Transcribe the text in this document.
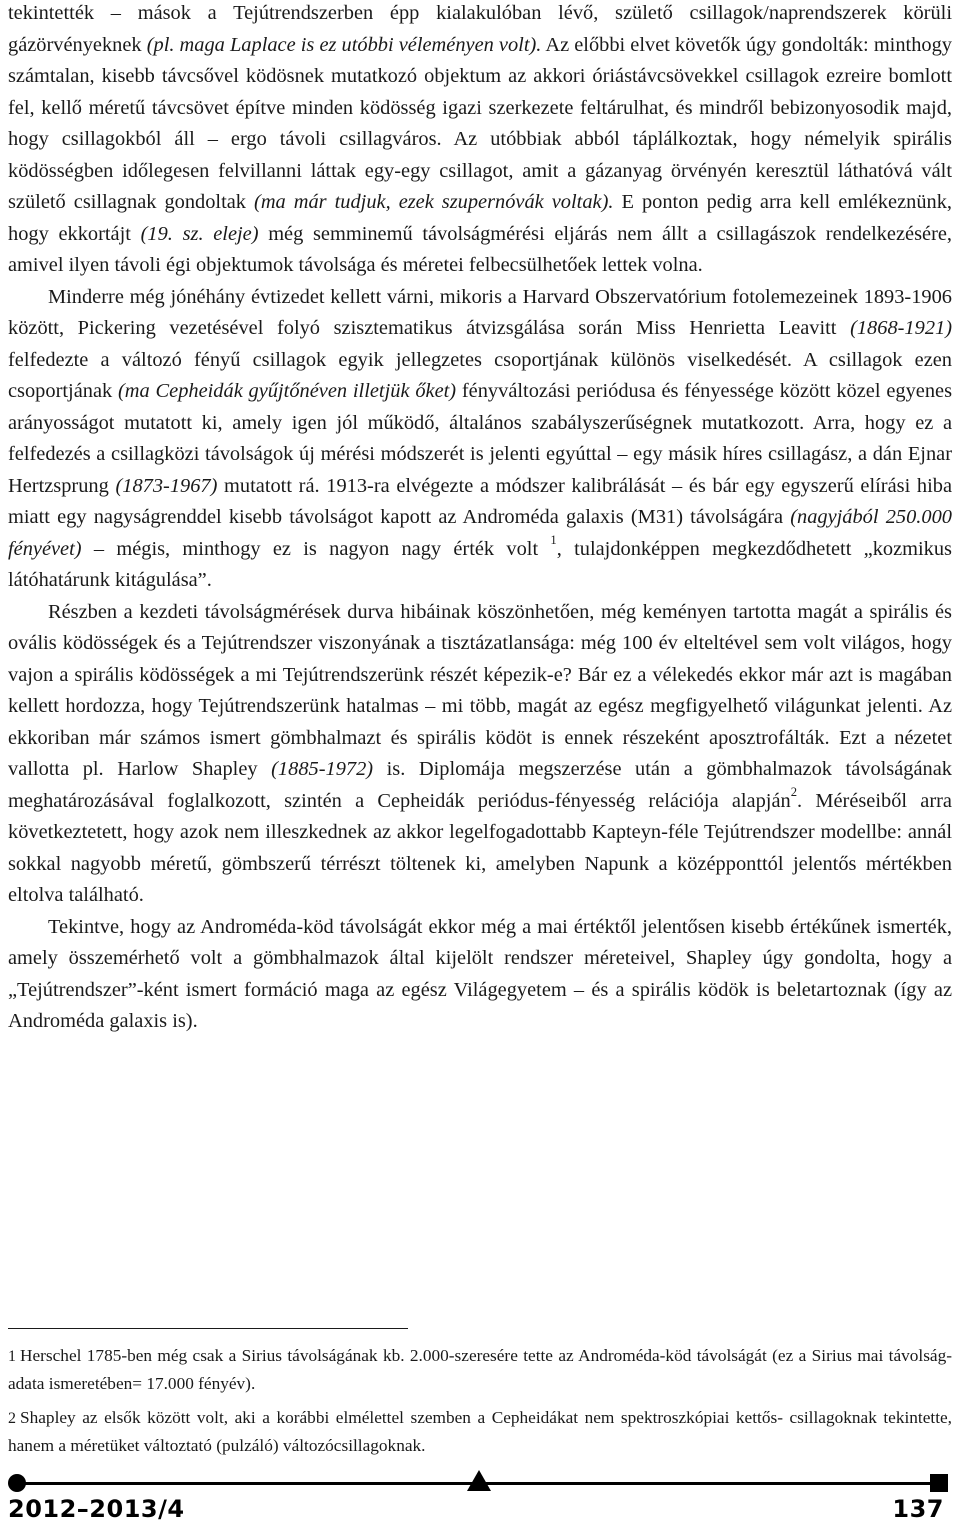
tekintették – mások a Tejútrendszerben épp kialakulóban lévő, születő csillagok/naprendszerek körüli gázörvényeknek (pl. maga Laplace is ez utóbbi véleményen volt). Az előbbi elvet követők úgy gondolták: minthogy számtalan, kisebb távcsővel ködösnek mutatkozó objektum az akkori óriástávcsövekkel csillagok ezreire bomlott fel, kellő méretű távcsövet építve minden ködösség igazi szerkezete feltárulhat, és mindről bebizonyosodik majd, hogy csillagokból áll – ergo távoli csillagváros. Az utóbbiak abból táplálkoztak, hogy némelyik spirális ködösségben időlegesen felvillanni láttak egy-egy csillagot, amit a gázanyag örvényén keresztül láthatóvá vált születő csillagnak gondoltak (ma már tudjuk, ezek szupernóvák voltak). E ponton pedig arra kell emlékeznünk, hogy ekkortájt (19. sz. eleje) még semminemű távolságmérési eljárás nem állt a csillagászok rendelkezésére, amivel ilyen távoli égi objektumok távolsága és méretei felbecsülhetőek lettek volna.

Minderre még jónéhány évtizedet kellett várni, mikoris a Harvard Obszervatórium fotolemezeinek 1893-1906 között, Pickering vezetésével folyó szisztematikus átvizsgálása során Miss Henrietta Leavitt (1868-1921) felfedezte a változó fényű csillagok egyik jellegzetes csoportjának különös viselkedését. A csillagok ezen csoportjának (ma Cepheidák gyűjtőnéven illetjük őket) fényváltozási periódusa és fényessége között közel egyenes arányosságot mutatott ki, amely igen jól működő, általános szabályszerűségnek mutatkozott. Arra, hogy ez a felfedezés a csillagközi távolságok új mérési módszerét is jelenti egyúttal – egy másik híres csillagász, a dán Ejnar Hertzsprung (1873-1967) mutatott rá. 1913-ra elvégezte a módszer kalibrálását – és bár egy egyszerű elírási hiba miatt egy nagyságrenddel kisebb távolságot kapott az Androméda galaxis (M31) távolságára (nagyjából 250.000 fényévet) – mégis, minthogy ez is nagyon nagy érték volt $^1$, tulajdonképpen megkezdődhetett „kozmikus látóhatárunk kitágulása”.

Részben a kezdeti távolságmérések durva hibáinak köszönhetően, még keményen tartotta magát a spirális és ovális ködösségek és a Tejútrendszer viszonyának a tisztázatlansága: még 100 év elteltével sem volt világos, hogy vajon a spirális ködösségek a mi Tejútrendszerünk részét képezik-e? Bár ez a vélekedés ekkor már azt is magában kellett hordozza, hogy Tejútrendszerünk hatalmas – mi több, magát az egész megfigyelhető világunkat jelenti. Az ekkoriban már számos ismert gömbhalmazt és spirális ködöt is ennek részeként aposztrofálták. Ezt a nézetet vallotta pl. Harlow Shapley (1885-1972) is. Diplomája megszerzése után a gömbhalmazok távolságának meghatározásával foglalkozott, szintén a Cepheidák periódus-fényesség relációja alapján$^2$. Méréseiből arra következtetett, hogy azok nem illeszkednek az akkor legelfogadottabb Kapteyn-féle Tejútrendszer modellbe: annál sokkal nagyobb méretű, gömbszerű térrészt töltenek ki, amelyben Napunk a középponttól jelentős mértékben eltolva található.

Tekintve, hogy az Androméda-köd távolságát ekkor még a mai értéktől jelentősen kisebb értékűnek ismerték, amely összemérhető volt a gömbhalmazok által kijelölt rendszer méreteivel, Shapley úgy gondolta, hogy a „Tejútrendszer”-ként ismert formáció maga az egész Világegyetem – és a spirális ködök is beletartoznak (így az Androméda galaxis is).

1 Herschel 1785-ben még csak a Sirius távolságának kb. 2.000-szeresére tette az Androméda-köd távolságát (ez a Sirius mai távolság-adata ismeretében= 17.000 fényév).

2 Shapley az elsők között volt, aki a korábbi elmélettel szemben a Cepheidákat nem spektroszkópiai kettős- csillagoknak tekintette, hanem a méretüket változtató (pulzáló) változócsillagoknak.

2012–2013/4	137
